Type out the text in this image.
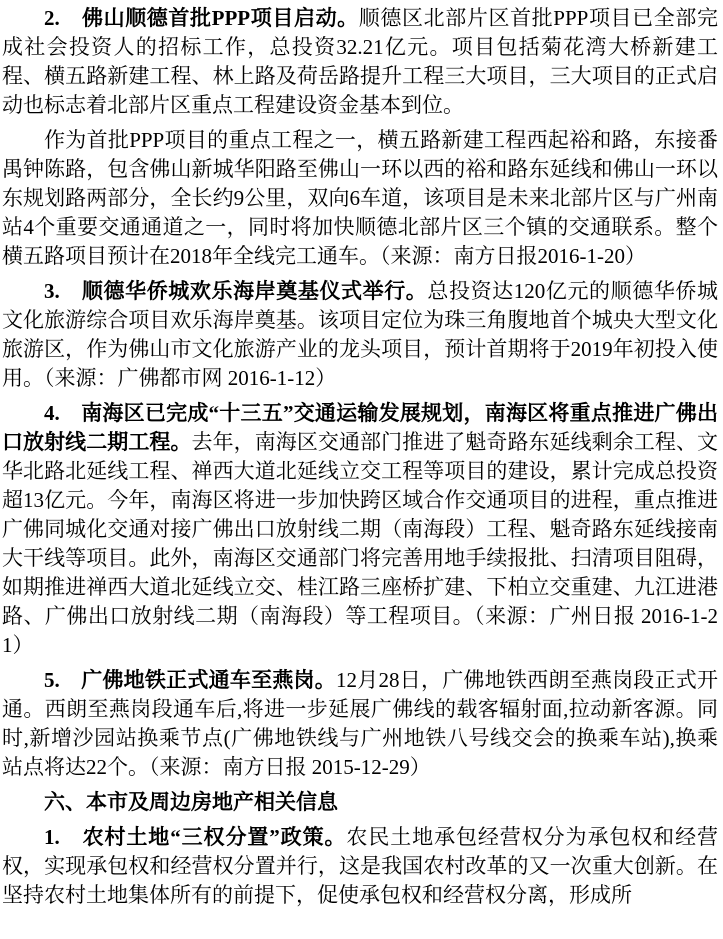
2.　佛山顺德首批PPP项目启动。顺德区北部片区首批PPP项目已全部完成社会投资人的招标工作，总投资32.21亿元。项目包括菊花湾大桥新建工程、横五路新建工程、林上路及荷岳路提升工程三大项目，三大项目的正式启动也标志着北部片区重点工程建设资金基本到位。

作为首批PPP项目的重点工程之一，横五路新建工程西起裕和路，东接番禺钟陈路，包含佛山新城华阳路至佛山一环以西的裕和路东延线和佛山一环以东规划路两部分，全长约9公里，双向6车道，该项目是未来北部片区与广州南站4个重要交通通道之一，同时将加快顺德北部片区三个镇的交通联系。整个横五路项目预计在2018年全线完工通车。（来源：南方日报2016-1-20）

3.　顺德华侨城欢乐海岸奠基仪式举行。总投资达120亿元的顺德华侨城文化旅游综合项目欢乐海岸奠基。该项目定位为珠三角腹地首个城央大型文化旅游区，作为佛山市文化旅游产业的龙头项目，预计首期将于2019年初投入使用。（来源：广佛都市网 2016-1-12）

4.　南海区已完成“十三五”交通运输发展规划，南海区将重点推进广佛出口放射线二期工程。去年，南海区交通部门推进了魁奇路东延线剩余工程、文华北路北延线工程、禅西大道北延线立交工程等项目的建设，累计完成总投资超13亿元。今年，南海区将进一步加快跨区域合作交通项目的进程，重点推进广佛同城化交通对接广佛出口放射线二期（南海段）工程、魁奇路东延线接南大干线等项目。此外，南海区交通部门将完善用地手续报批、扫清项目阻碍，如期推进禅西大道北延线立交、桂江路三座桥扩建、下柏立交重建、九江进港路、广佛出口放射线二期（南海段）等工程项目。（来源：广州日报 2016-1-21）

5.　广佛地铁正式通车至燕岗。12月28日，广佛地铁西朗至燕岗段正式开通。西朗至燕岗段通车后,将进一步延展广佛线的载客辐射面,拉动新客源。同时,新增沙园站换乘节点(广佛地铁线与广州地铁八号线交会的换乘车站),换乘站点将达22个。（来源：南方日报 2015-12-29）

六、本市及周边房地产相关信息

1.　农村土地“三权分置”政策。农民土地承包经营权分为承包权和经营权，实现承包权和经营权分置并行，这是我国农村改革的又一次重大创新。在坚持农村土地集体所有的前提下，促使承包权和经营权分离，形成所
